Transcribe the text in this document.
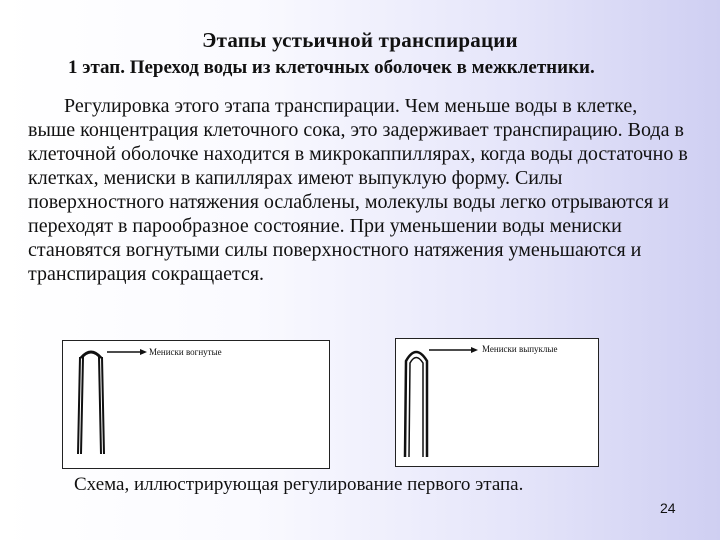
Этапы устьичной транспирации
1 этап. Переход воды из клеточных оболочек в межклетники.
Регулировка этого этапа транспирации. Чем меньше воды в клетке, выше концентрация клеточного сока, это задерживает транспирацию. Вода в клеточной оболочке находится в микрокаппиллярах, когда воды достаточно в клетках, мениски в капиллярах имеют выпуклую форму. Силы поверхностного натяжения ослаблены, молекулы воды легко отрываются и переходят в парообразное состояние. При уменьшении воды мениски становятся вогнутыми силы поверхностного натяжения уменьшаются и транспирация сокращается.
Мениски вогнутые	Мениски выпуклые
Схема, иллюстрирующая регулирование первого этапа.
24
